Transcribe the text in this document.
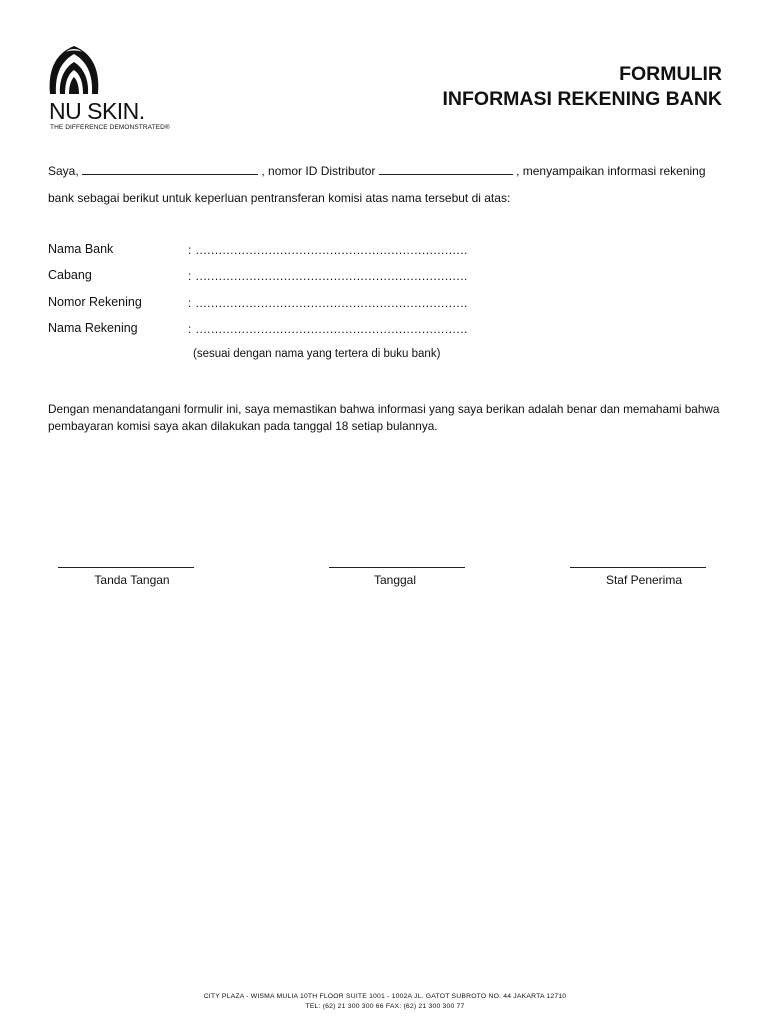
NU SKIN.
THE DIFFERENCE DEMONSTRATED®
FORMULIR
INFORMASI REKENING BANK
Saya,	, nomor ID Distributor	, menyampaikan informasi rekening
bank sebagai berikut untuk keperluan pentransferan komisi atas nama tersebut di atas:
Nama Bank	: .......................................................................
Cabang	: .......................................................................
Nomor Rekening	: .......................................................................
Nama Rekening	: .......................................................................
(sesuai dengan nama yang tertera di buku bank)
Dengan menandatangani formulir ini, saya memastikan bahwa informasi yang saya berikan adalah benar dan memahami bahwa pembayaran komisi saya akan dilakukan pada tanggal 18 setiap bulannya.
Tanda Tangan	Tanggal	Staf Penerima
CITY PLAZA - WISMA MULIA 10TH FLOOR SUITE 1001 - 1002A JL. GATOT SUBROTO NO. 44 JAKARTA 12710
TEL: (62) 21 300 300 66 FAX: (62) 21 300 300 77
